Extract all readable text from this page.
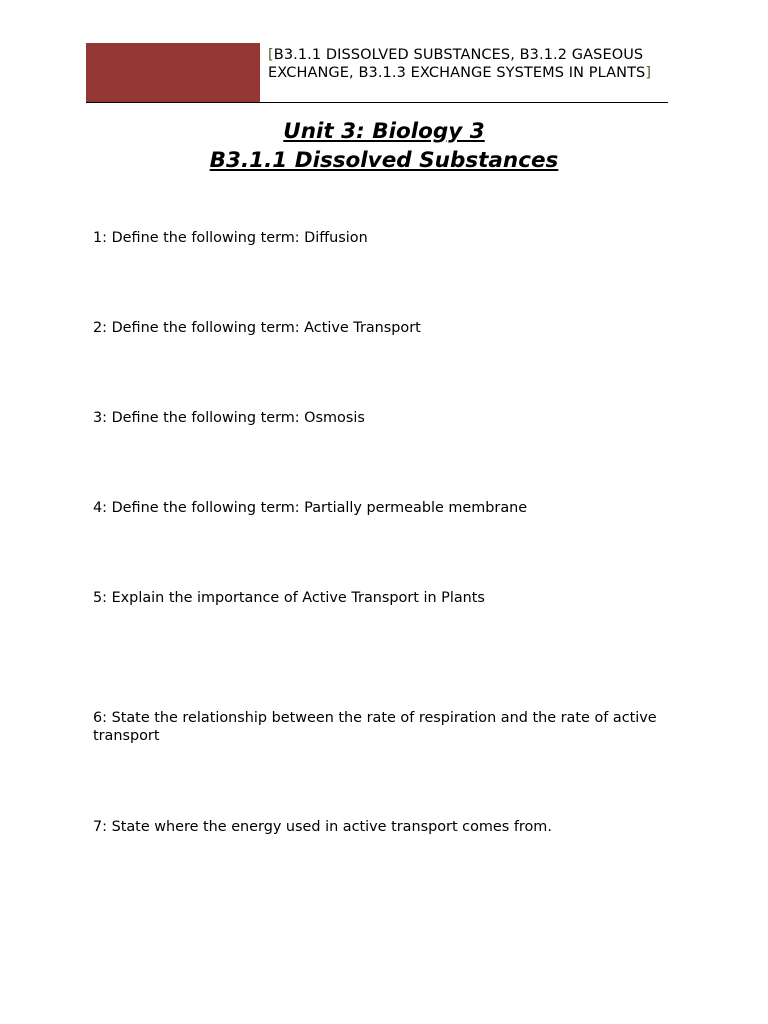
[B3.1.1 DISSOLVED SUBSTANCES, B3.1.2 GASEOUS EXCHANGE, B3.1.3 EXCHANGE SYSTEMS IN PLANTS]
Unit 3: Biology 3
B3.1.1 Dissolved Substances
1: Define the following term: Diffusion
2: Define the following term: Active Transport
3: Define the following term: Osmosis
4: Define the following term: Partially permeable membrane
5: Explain the importance of Active Transport in Plants
6: State the relationship between the rate of respiration and the rate of active transport
7: State where the energy used in active transport comes from.
